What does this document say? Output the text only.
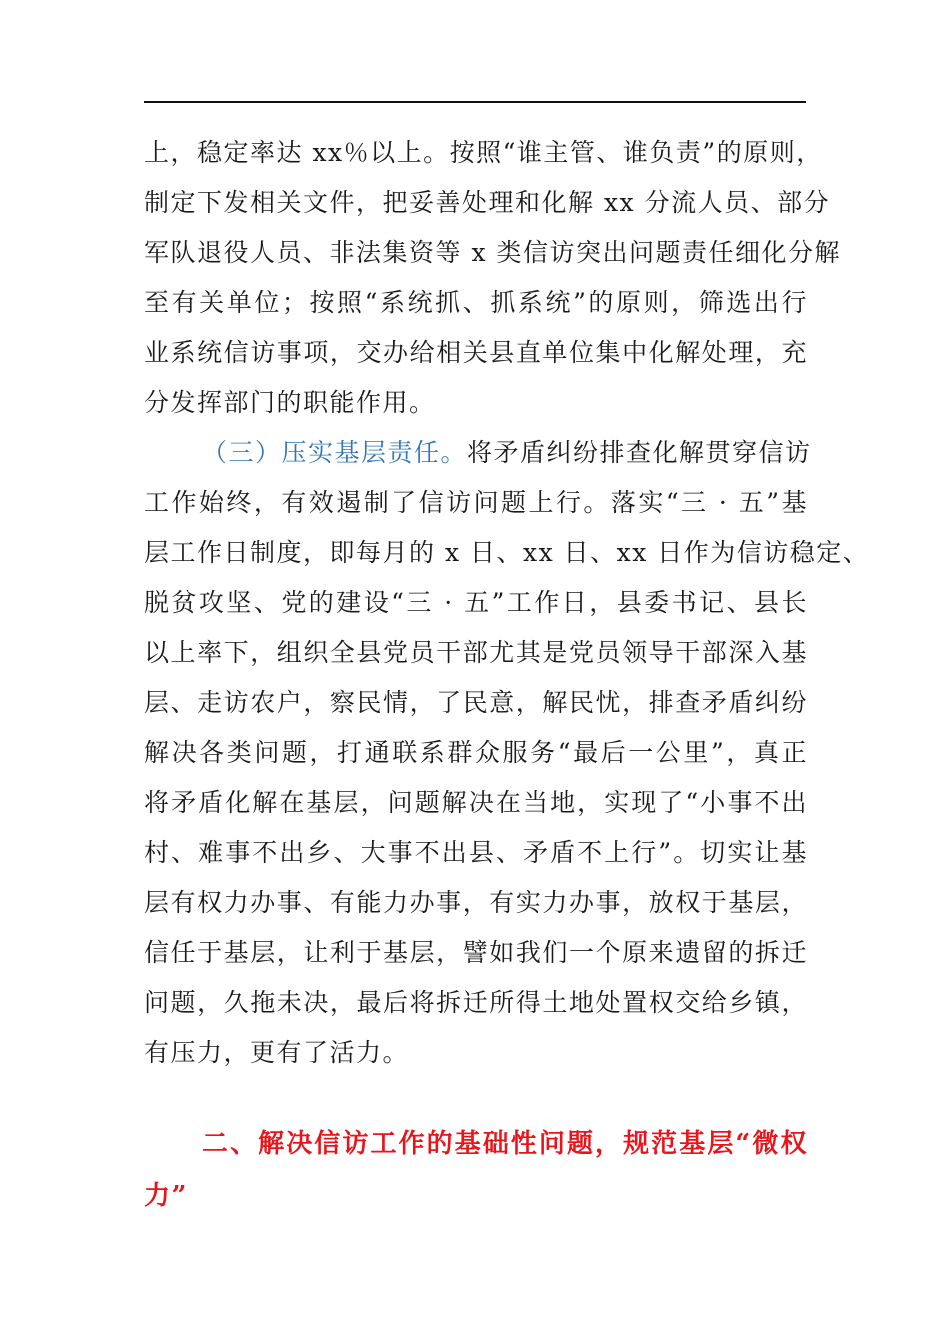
上，稳定率达 xx％以上。按照“谁主管、谁负责”的原则，
制定下发相关文件，把妥善处理和化解 xx 分流人员、部分
军队退役人员、非法集资等 x 类信访突出问题责任细化分解
至有关单位；按照“系统抓、抓系统”的原则，筛选出行
业系统信访事项，交办给相关县直单位集中化解处理，充
分发挥部门的职能作用。
（三）压实基层责任。将矛盾纠纷排查化解贯穿信访
工作始终，有效遏制了信访问题上行。落实“三 · 五”基
层工作日制度，即每月的 x 日、xx 日、xx 日作为信访稳定、
脱贫攻坚、党的建设“三 · 五”工作日，县委书记、县长
以上率下，组织全县党员干部尤其是党员领导干部深入基
层、走访农户，察民情，了民意，解民忧，排查矛盾纠纷
解决各类问题，打通联系群众服务“最后一公里”，真正
将矛盾化解在基层，问题解决在当地，实现了“小事不出
村、难事不出乡、大事不出县、矛盾不上行”。切实让基
层有权力办事、有能力办事，有实力办事，放权于基层，
信任于基层，让利于基层，譬如我们一个原来遗留的拆迁
问题，久拖未决，最后将拆迁所得土地处置权交给乡镇，
有压力，更有了活力。
二、解决信访工作的基础性问题，规范基层“微权
力”
